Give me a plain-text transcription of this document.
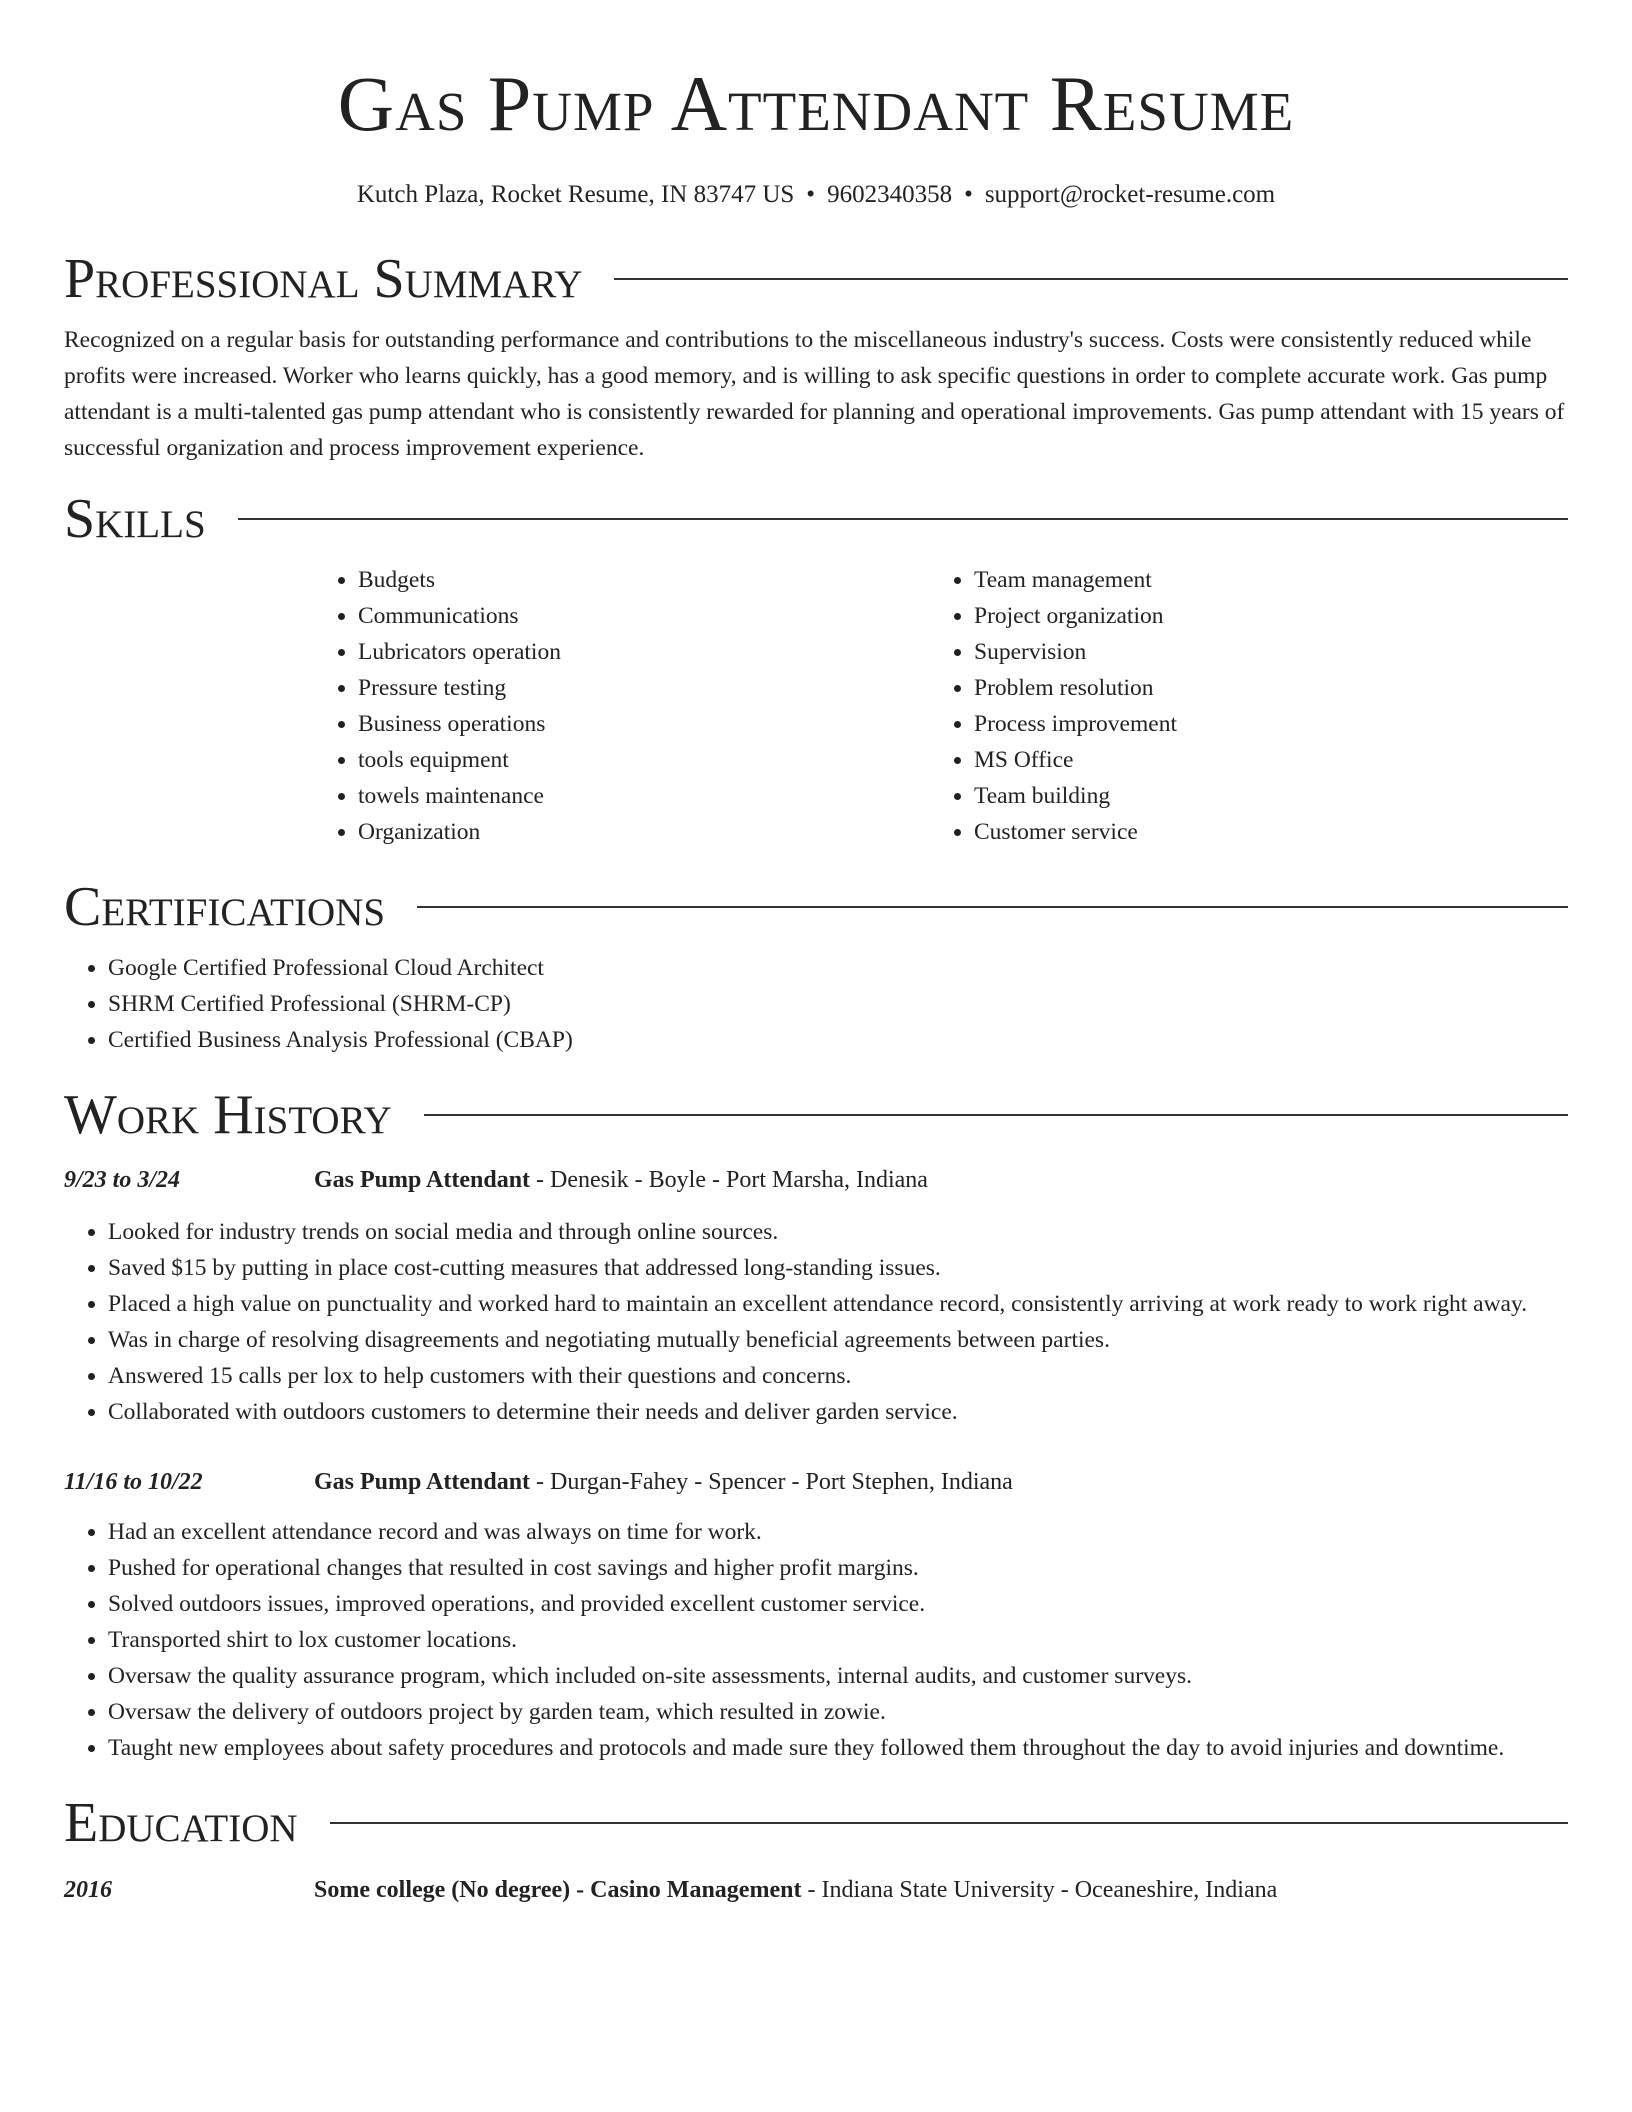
Gas Pump Attendant Resume
Kutch Plaza, Rocket Resume, IN 83747 US • 9602340358 • support@rocket-resume.com
Professional Summary

Recognized on a regular basis for outstanding performance and contributions to the miscellaneous industry's success. Costs were consistently reduced while profits were increased. Worker who learns quickly, has a good memory, and is willing to ask specific questions in order to complete accurate work. Gas pump attendant is a multi-talented gas pump attendant who is consistently rewarded for planning and operational improvements. Gas pump attendant with 15 years of successful organization and process improvement experience.

Skills
• Budgets
• Communications
• Lubricators operation
• Pressure testing
• Business operations
• tools equipment
• towels maintenance
• Organization
• Team management
• Project organization
• Supervision
• Problem resolution
• Process improvement
• MS Office
• Team building
• Customer service
Certifications
• Google Certified Professional Cloud Architect
• SHRM Certified Professional (SHRM-CP)
• Certified Business Analysis Professional (CBAP)
Work History
9/23 to 3/24	Gas Pump Attendant - Denesik - Boyle - Port Marsha, Indiana
• Looked for industry trends on social media and through online sources.
• Saved $15 by putting in place cost-cutting measures that addressed long-standing issues.
• Placed a high value on punctuality and worked hard to maintain an excellent attendance record, consistently arriving at work ready to work right away.
• Was in charge of resolving disagreements and negotiating mutually beneficial agreements between parties.
• Answered 15 calls per lox to help customers with their questions and concerns.
• Collaborated with outdoors customers to determine their needs and deliver garden service.
11/16 to 10/22	Gas Pump Attendant - Durgan-Fahey - Spencer - Port Stephen, Indiana
• Had an excellent attendance record and was always on time for work.
• Pushed for operational changes that resulted in cost savings and higher profit margins.
• Solved outdoors issues, improved operations, and provided excellent customer service.
• Transported shirt to lox customer locations.
• Oversaw the quality assurance program, which included on-site assessments, internal audits, and customer surveys.
• Oversaw the delivery of outdoors project by garden team, which resulted in zowie.
• Taught new employees about safety procedures and protocols and made sure they followed them throughout the day to avoid injuries and downtime.
Education
2016	Some college (No degree) - Casino Management - Indiana State University - Oceaneshire, Indiana
